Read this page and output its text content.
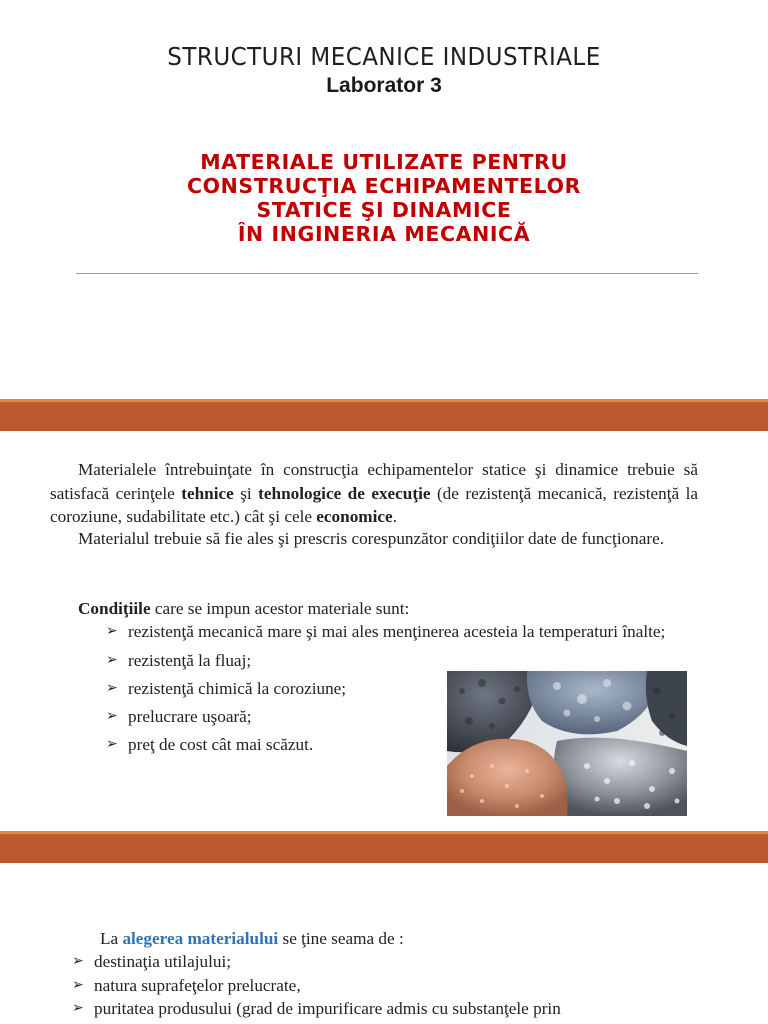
STRUCTURI MECANICE INDUSTRIALE
Laborator 3
MATERIALE UTILIZATE PENTRU
CONSTRUCŢIA ECHIPAMENTELOR
STATICE ŞI DINAMICE
ÎN INGINERIA MECANICĂ
Materialele întrebuinţate în construcţia echipamentelor statice şi dinamice trebuie să satisfacă cerinţele tehnice şi tehnologice de execuţie (de rezistenţă mecanică, rezistenţă la coroziune, sudabilitate etc.) cât şi cele economice.
Materialul trebuie să fie ales şi prescris corespunzător condiţiilor date de funcţionare.
Condiţiile care se impun acestor materiale sunt:
➢ rezistenţă mecanică mare şi mai ales menţinerea acesteia la temperaturi înalte;
➢ rezistenţă la fluaj;
➢ rezistenţă chimică la coroziune;
➢ prelucrare uşoară;
➢ preţ de cost cât mai scăzut.
La alegerea materialului se ţine seama de :
➢ destinaţia utilajului;
➢ natura suprafeţelor prelucrate,
➢ puritatea produsului (grad de impurificare admis cu substanţele prin
